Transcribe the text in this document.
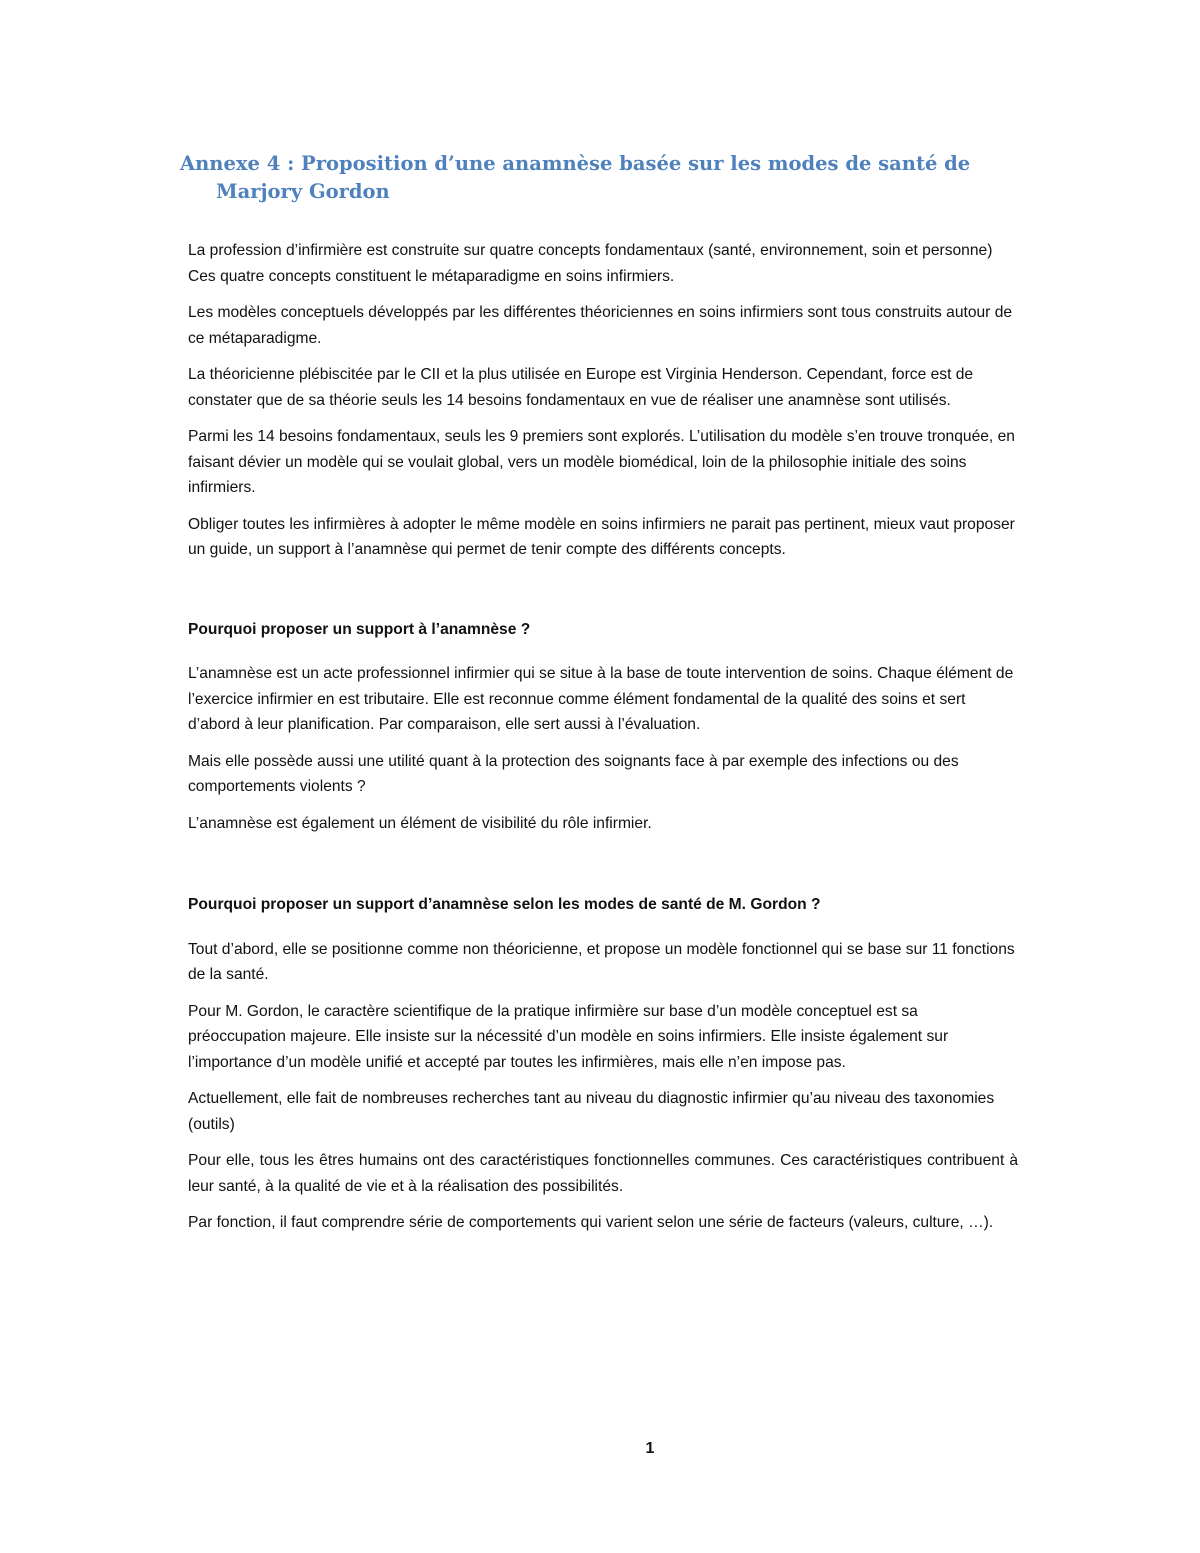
Annexe 4 : Proposition d’une anamnèse basée sur les modes de santé de Marjory Gordon

La profession d’infirmière est construite sur quatre concepts fondamentaux (santé, environnement, soin et personne) Ces quatre concepts constituent le métaparadigme en soins infirmiers.

Les modèles conceptuels développés par les différentes théoriciennes en soins infirmiers sont tous construits autour de ce métaparadigme.

La théoricienne plébiscitée par le CII et la plus utilisée en Europe est Virginia Henderson. Cependant, force est de constater que de sa théorie seuls les 14 besoins fondamentaux en vue de réaliser une anamnèse sont utilisés.

Parmi les 14 besoins fondamentaux, seuls les 9 premiers sont explorés. L’utilisation du modèle s’en trouve tronquée, en faisant dévier un modèle qui se voulait global, vers un modèle biomédical, loin de la philosophie initiale des soins infirmiers.

Obliger toutes les infirmières à adopter le même modèle en soins infirmiers ne parait pas pertinent, mieux vaut proposer un guide, un support à l’anamnèse qui permet de tenir compte des différents concepts.

Pourquoi proposer un support à l’anamnèse ?

L’anamnèse est un acte professionnel infirmier qui se situe à la base de toute intervention de soins. Chaque élément de l’exercice infirmier en est tributaire. Elle est reconnue comme élément fondamental de la qualité des soins et sert d’abord à leur planification. Par comparaison, elle sert aussi à l’évaluation.

Mais elle possède aussi une utilité quant à la protection des soignants face à par exemple des infections ou des comportements violents ?

L’anamnèse est également un élément de visibilité du rôle infirmier.

Pourquoi proposer un support d’anamnèse selon les modes de santé de M. Gordon ?

Tout d’abord, elle se positionne comme non théoricienne, et propose un modèle fonctionnel qui se base sur 11 fonctions de la santé.

Pour M. Gordon, le caractère scientifique de la pratique infirmière sur base d’un modèle conceptuel est sa préoccupation majeure. Elle insiste sur la nécessité d’un modèle en soins infirmiers. Elle insiste également sur l’importance d’un modèle unifié et accepté par toutes les infirmières, mais elle n’en impose pas.

Actuellement, elle fait de nombreuses recherches tant au niveau du diagnostic infirmier qu’au niveau des taxonomies (outils)

Pour elle, tous les êtres humains ont des caractéristiques fonctionnelles communes. Ces caractéristiques contribuent à leur santé, à la qualité de vie et à la réalisation des possibilités.

Par fonction, il faut comprendre série de comportements qui varient selon une série de facteurs (valeurs, culture, …).

1
